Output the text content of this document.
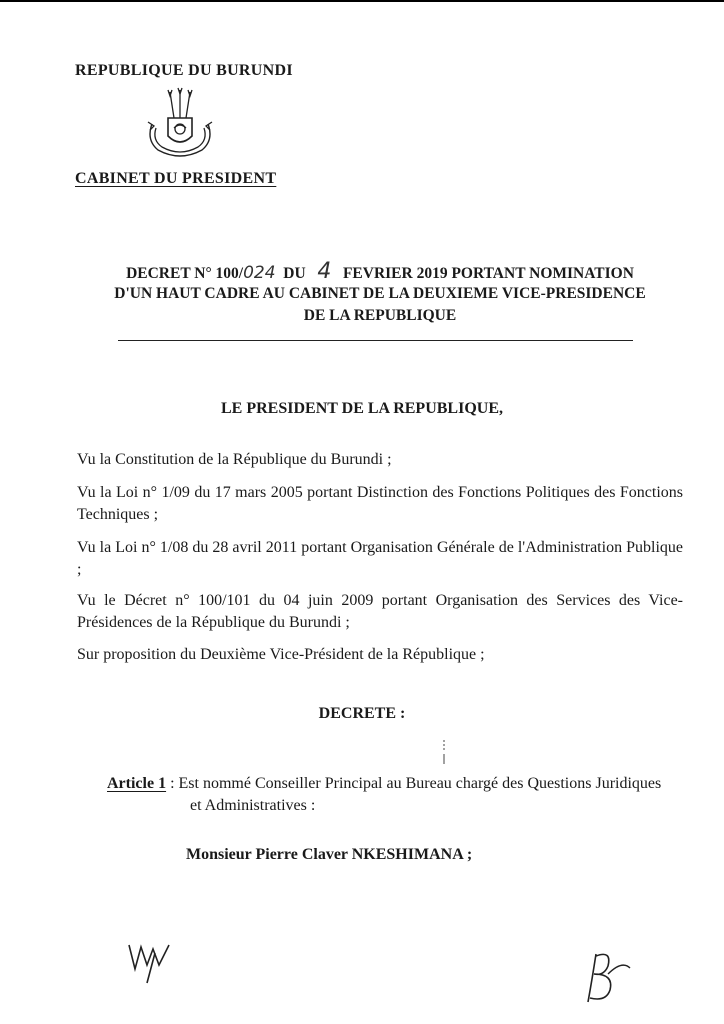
REPUBLIQUE DU BURUNDI
CABINET DU PRESIDENT
DECRET N° 100/024 DU 4 FEVRIER 2019 PORTANT NOMINATION
D'UN HAUT CADRE AU CABINET DE LA DEUXIEME VICE-PRESIDENCE
DE LA REPUBLIQUE
LE PRESIDENT DE LA REPUBLIQUE,
Vu la Constitution de la République du Burundi ;
Vu la Loi n° 1/09 du 17 mars 2005 portant Distinction des Fonctions Politiques des Fonctions Techniques ;
Vu la Loi n° 1/08 du 28 avril 2011 portant Organisation Générale de l'Administration Publique ;
Vu le Décret n° 100/101 du 04 juin 2009 portant Organisation des Services des Vice-Présidences de la République du Burundi ;
Sur proposition du Deuxième Vice-Président de la République ;
DECRETE :
Article 1 : Est nommé Conseiller Principal au Bureau chargé des Questions Juridiques
et Administratives :
Monsieur Pierre Claver NKESHIMANA ;
